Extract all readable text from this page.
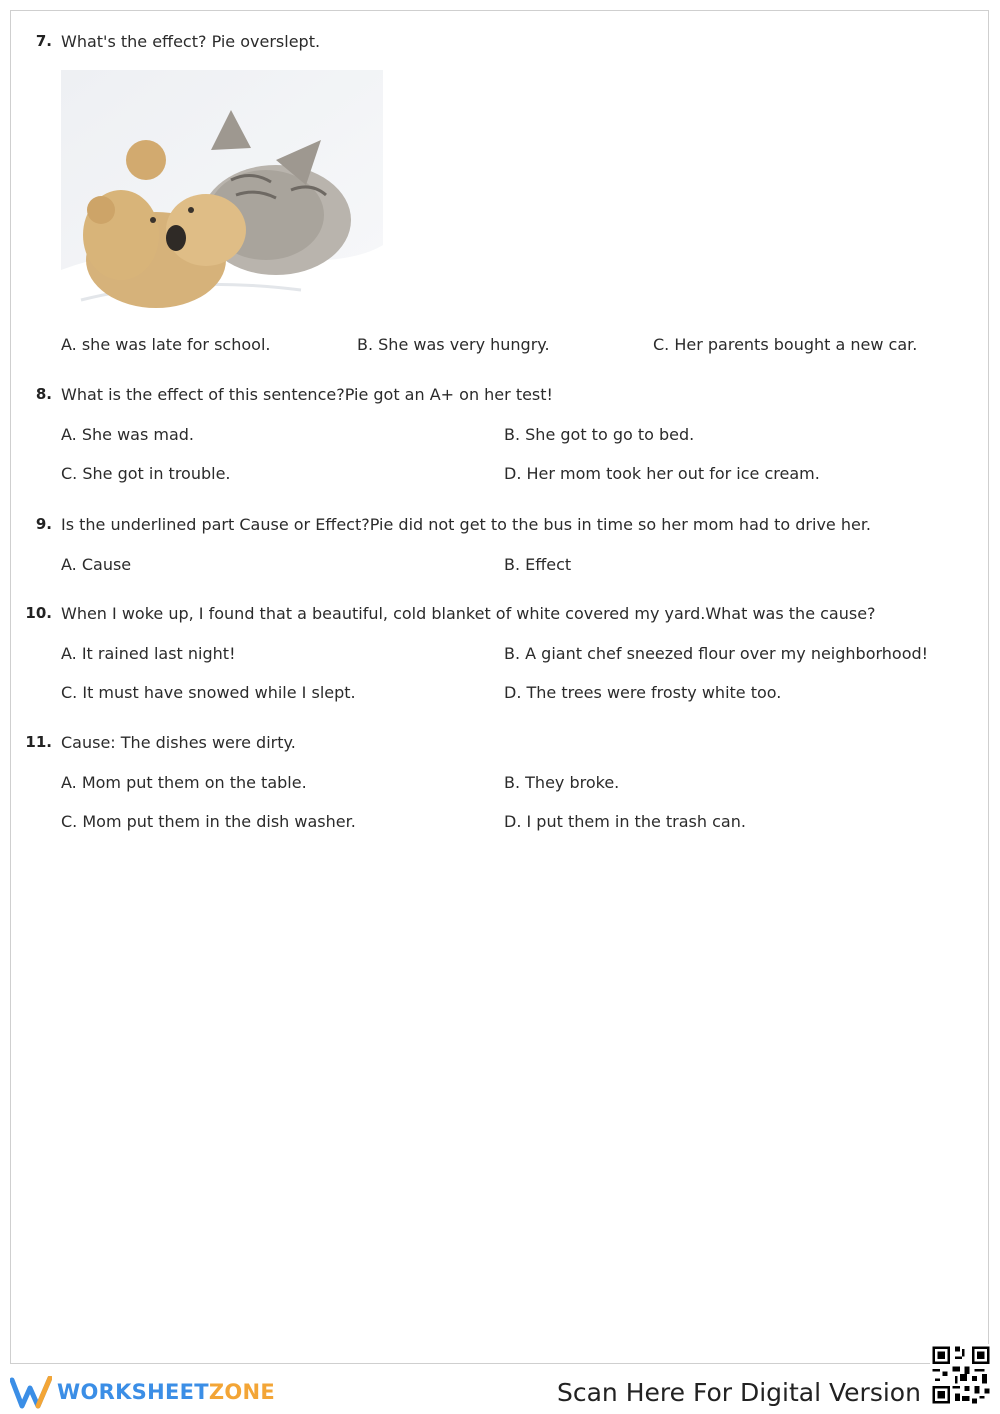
7. What's the effect? Pie overslept.
A. she was late for school.	B. She was very hungry.	C. Her parents bought a new car.
8. What is the effect of this sentence?Pie got an A+ on her test!
A. She was mad.	B. She got to go to bed.
C. She got in trouble.	D. Her mom took her out for ice cream.
9. Is the underlined part Cause or Effect?Pie did not get to the bus in time so her mom had to drive her.
A. Cause	B. Effect
10. When I woke up, I found that a beautiful, cold blanket of white covered my yard.What was the cause?
A. It rained last night!	B. A giant chef sneezed flour over my neighborhood!
C. It must have snowed while I slept.	D. The trees were frosty white too.
11. Cause: The dishes were dirty.
A. Mom put them on the table.	B. They broke.
C. Mom put them in the dish washer.	D. I put them in the trash can.
WORKSHEETZONE	Scan Here For Digital Version
